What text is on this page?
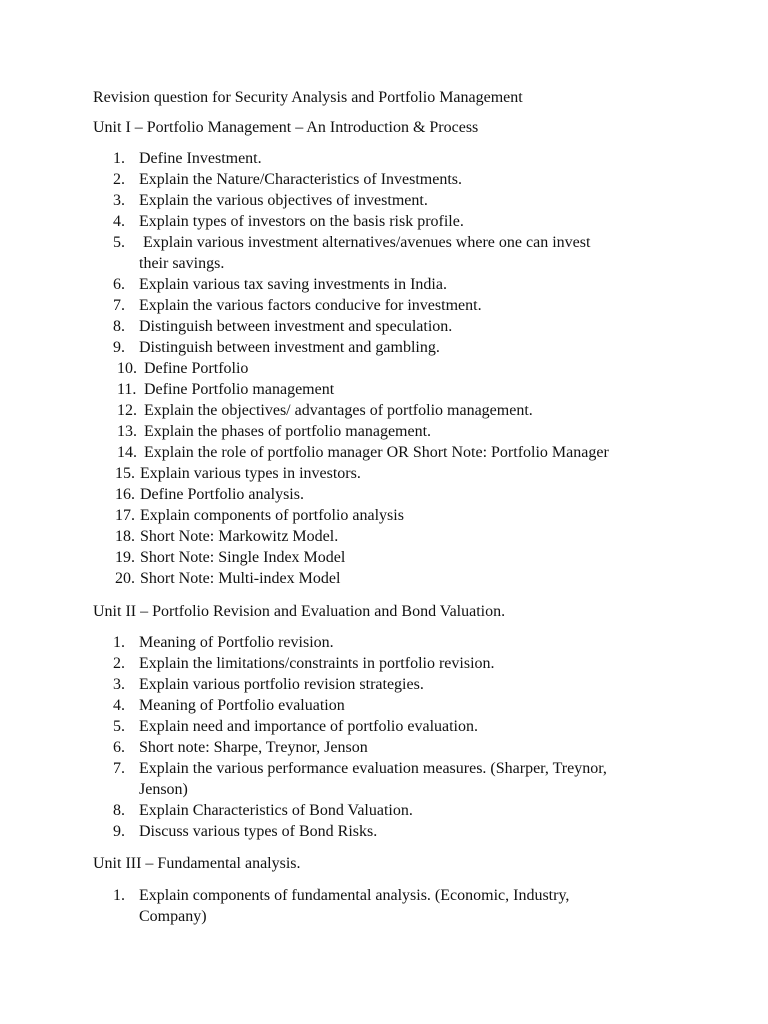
Revision question for Security Analysis and Portfolio Management
Unit I – Portfolio Management – An Introduction & Process
1. Define Investment.
2. Explain the Nature/Characteristics of Investments.
3. Explain the various objectives of investment.
4. Explain types of investors on the basis risk profile.
5. Explain various investment alternatives/avenues where one can invest
their savings.
6. Explain various tax saving investments in India.
7. Explain the various factors conducive for investment.
8. Distinguish between investment and speculation.
9. Distinguish between investment and gambling.
10. Define Portfolio
11. Define Portfolio management
12. Explain the objectives/ advantages of portfolio management.
13. Explain the phases of portfolio management.
14. Explain the role of portfolio manager OR Short Note: Portfolio Manager
15. Explain various types in investors.
16. Define Portfolio analysis.
17. Explain components of portfolio analysis
18. Short Note: Markowitz Model.
19. Short Note: Single Index Model
20. Short Note: Multi-index Model
Unit II – Portfolio Revision and Evaluation and Bond Valuation.
1. Meaning of Portfolio revision.
2. Explain the limitations/constraints in portfolio revision.
3. Explain various portfolio revision strategies.
4. Meaning of Portfolio evaluation
5. Explain need and importance of portfolio evaluation.
6. Short note: Sharpe, Treynor, Jenson
7. Explain the various performance evaluation measures. (Sharper, Treynor,
Jenson)
8. Explain Characteristics of Bond Valuation.
9. Discuss various types of Bond Risks.
Unit III – Fundamental analysis.
1. Explain components of fundamental analysis. (Economic, Industry,
Company)
